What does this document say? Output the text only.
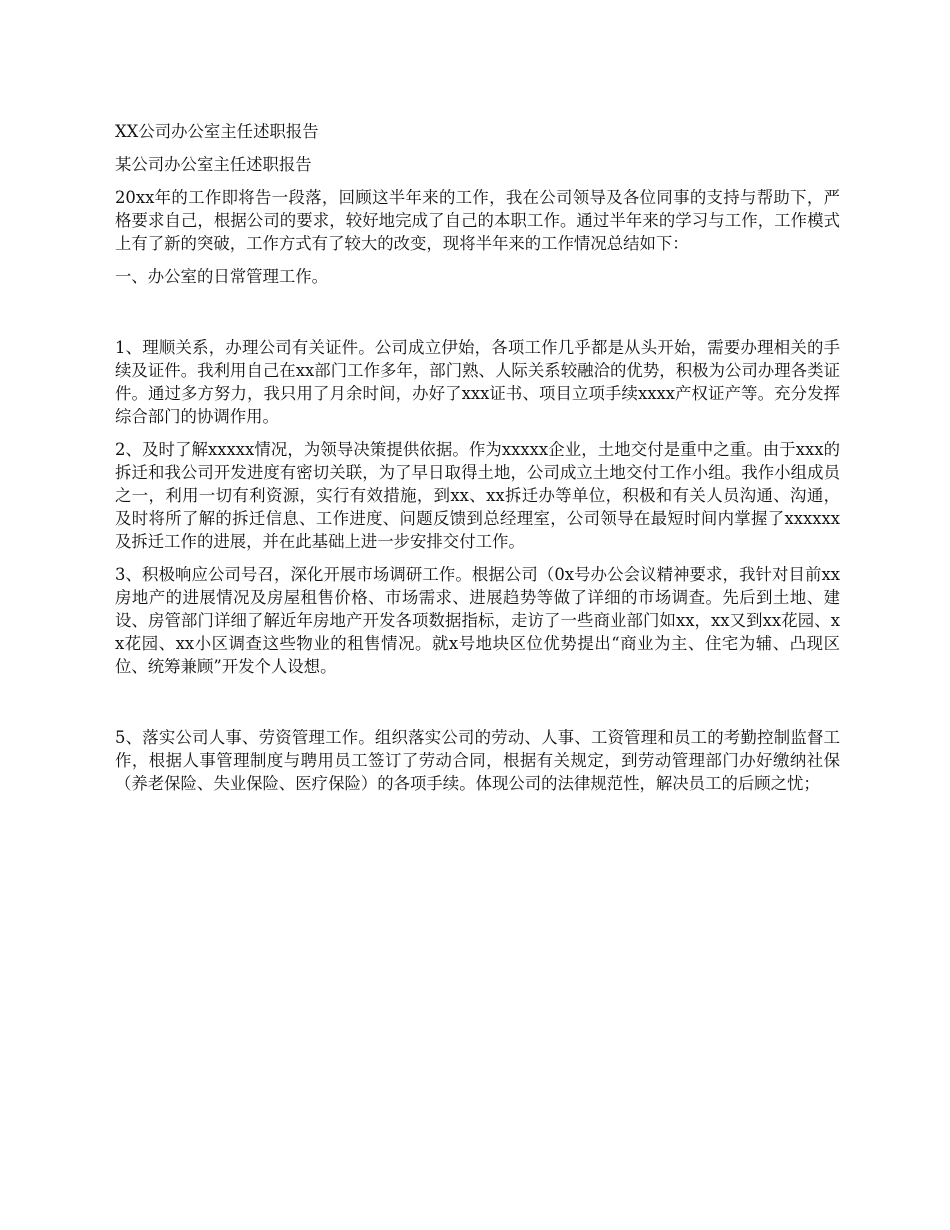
XX公司办公室主任述职报告

某公司办公室主任述职报告

20xx年的工作即将告一段落，回顾这半年来的工作，我在公司领导及各位同事的支持与帮助下，严格要求自己，根据公司的要求，较好地完成了自己的本职工作。通过半年来的学习与工作，工作模式上有了新的突破，工作方式有了较大的改变，现将半年来的工作情况总结如下：

一、办公室的日常管理工作。

1、理顺关系，办理公司有关证件。公司成立伊始，各项工作几乎都是从头开始，需要办理相关的手续及证件。我利用自己在xx部门工作多年，部门熟、人际关系较融洽的优势，积极为公司办理各类证件。通过多方努力，我只用了月余时间，办好了xxx证书、项目立项手续xxxx产权证产等。充分发挥综合部门的协调作用。

2、及时了解xxxxx情况，为领导决策提供依据。作为xxxxx企业，土地交付是重中之重。由于xxx的拆迁和我公司开发进度有密切关联，为了早日取得土地，公司成立土地交付工作小组。我作小组成员之一，利用一切有利资源，实行有效措施，到xx、xx拆迁办等单位，积极和有关人员沟通、沟通，及时将所了解的拆迁信息、工作进度、问题反馈到总经理室，公司领导在最短时间内掌握了xxxxxx及拆迁工作的进展，并在此基础上进一步安排交付工作。

3、积极响应公司号召，深化开展市场调研工作。根据公司（0x号办公会议精神要求，我针对目前xx房地产的进展情况及房屋租售价格、市场需求、进展趋势等做了详细的市场调查。先后到土地、建设、房管部门详细了解近年房地产开发各项数据指标，走访了一些商业部门如xx，xx又到xx花园、xx花园、xx小区调查这些物业的租售情况。就x号地块区位优势提出“商业为主、住宅为辅、凸现区位、统筹兼顾”开发个人设想。

5、落实公司人事、劳资管理工作。组织落实公司的劳动、人事、工资管理和员工的考勤控制监督工作，根据人事管理制度与聘用员工签订了劳动合同，根据有关规定，到劳动管理部门办好缴纳社保（养老保险、失业保险、医疗保险）的各项手续。体现公司的法律规范性，解决员工的后顾之忧；
